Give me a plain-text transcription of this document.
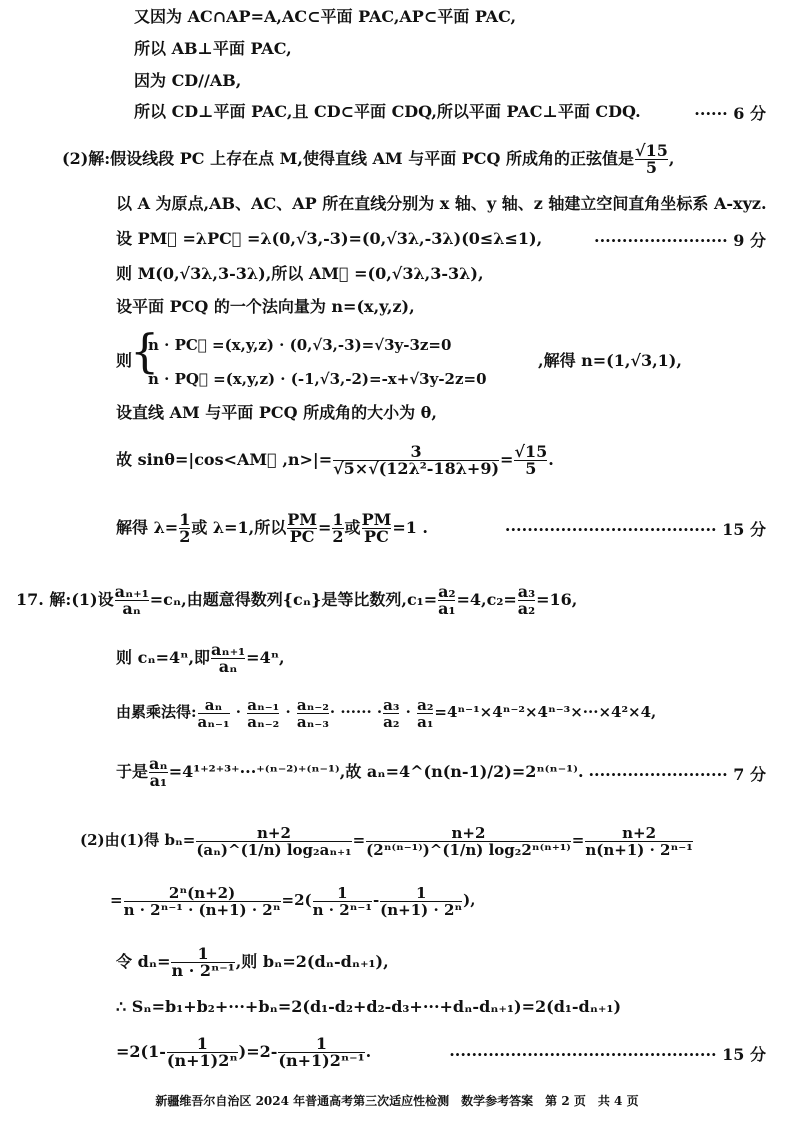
又因为 AC∩AP=A,AC⊂平面 PAC,AP⊂平面 PAC,
所以 AB⊥平面 PAC,
因为 CD//AB,
所以 CD⊥平面 PAC,且 CD⊂平面 CDQ,所以平面 PAC⊥平面 CDQ.	······ 6 分
(2)解:假设线段 PC 上存在点 M,使得直线 AM 与平面 PCQ 所成角的正弦值是 $\frac{√15}{5}$ ,
以 A 为原点,AB、AC、AP 所在直线分别为 x 轴、y 轴、z 轴建立空间直角坐标系 A-xyz.
设 PM⃗ =λPC⃗ =λ(0,√3,-3)=(0,√3λ,-3λ)(0≤λ≤1),	························ 9 分
则 M(0,√3λ,3-3λ),所以 AM⃗ =(0,√3λ,3-3λ),
设平面 PCQ 的一个法向量为 n=(x,y,z),
则
{
n · PC⃗ =(x,y,z) · (0,√3,-3)=√3y-3z=0
n · PQ⃗ =(x,y,z) · (-1,√3,-2)=-x+√3y-2z=0
,解得 n=(1,√3,1),
设直线 AM 与平面 PCQ 所成角的大小为 θ,
故 sinθ=|cos<AM⃗ $,n>|= \frac{3}{\text{√5×√(12λ²-18λ+9)}} = \frac{√15}{5}$ .
解得 $\lambda= \frac{1}{2}$ 或 λ=1,所以 $\frac{PM}{PC} = \frac{1}{2}$ 或 $\frac{PM}{PC} =1$ .	······································ 15 分
17. 解:(1)设 $\frac{\text{aₙ₊₁}}{\text{aₙ}} =c_n$,由题意得数列{cₙ}是等比数列$,c_1= \frac{\text{a₂}}{\text{a₁}} =4,c_2= \frac{\text{a₃}}{\text{a₂}} =16$,
则 cₙ=4ⁿ,即 $\frac{\text{aₙ₊₁}}{\text{aₙ}} =4^n$,
由累乘法得: $\frac{\text{aₙ}}{\text{aₙ₋₁}} \cdot \frac{\text{aₙ₋₁}}{\text{aₙ₋₂}} \cdot \frac{\text{aₙ₋₂}}{\text{aₙ₋₃}}$ · ······ · $\frac{\text{a₃}}{\text{a₂}} \cdot \frac{\text{a₂}}{\text{a₁}} =4^{n-1}\times 4^{n-2}\times 4^{n-3}\times\cdot\cdot\cdot\times 4^2\times 4$,
于是 $\frac{\text{aₙ}}{\text{a₁}} =4^{1+2+3+}\cdot\cdot\cdot^{+(n-2)+(n-1)}$,故 aₙ=4^(n(n-1)/2)=2ⁿ⁽ⁿ⁻¹⁾. ························· 7 分
(2)由(1)得 $b_n= \frac{n+2}{\text{(aₙ)\textasciicircum{}(1/n) log₂aₙ₊₁}} = \frac{n+2}{\text{(2ⁿ⁽ⁿ⁻¹⁾)\textasciicircum{}(1/n) log₂2ⁿ⁽ⁿ⁺¹⁾}} = \frac{n+2}{\text{n(n+1) · 2ⁿ⁻¹}}$
= $\frac{\text{2ⁿ(n+2)}}{\text{n · 2ⁿ⁻¹ · (n+1) · 2ⁿ}} =2( \frac{1}{\text{n · 2ⁿ⁻¹}} - \frac{1}{\text{(n+1) · 2ⁿ}}$ ),
令 $d_n= \frac{1}{\text{n · 2ⁿ⁻¹}}$ ,则 bₙ=2(dₙ-dₙ₊₁),
∴ Sₙ=b₁+b₂+···+bₙ=2(d₁-d₂+d₂-d₃+···+dₙ-dₙ₊₁)=2(d₁-dₙ₊₁)
$=2(1- \frac{1}{\text{(n+1)2ⁿ}} )=2- \frac{1}{\text{(n+1)2ⁿ⁻¹}}$ .	················································ 15 分
新疆维吾尔自治区 2024 年普通高考第三次适应性检测　数学参考答案　第 2 页　共 4 页
